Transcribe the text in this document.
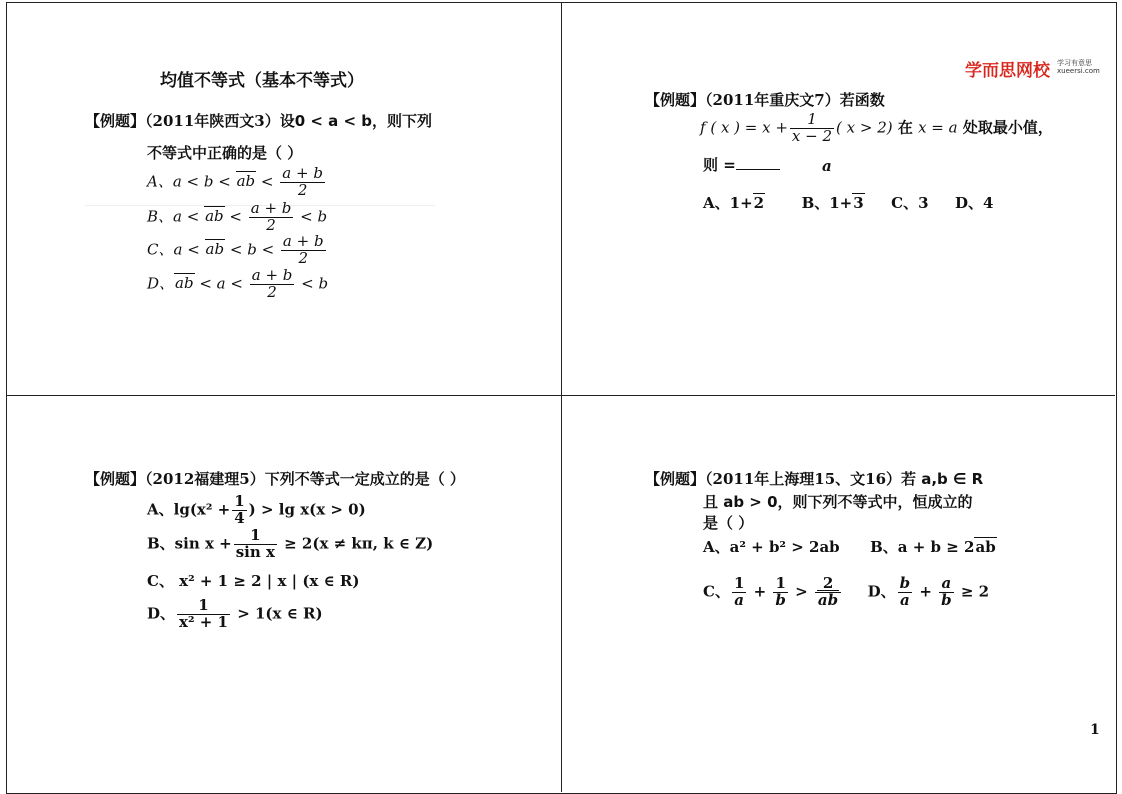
均值不等式（基本不等式）
【例题】（2011年陕西文3）设0 < a < b，则下列
不等式中正确的是（ ）
A、a < b < ab < $\frac{a + b}{2}$
B、a < ab < $\frac{a + b}{2} < b$
C、a < ab < $b < \frac{a + b}{2}$
D、ab < $a < \frac{a + b}{2} < b$
学而思网校 学习有意思
xueersi.com
【例题】（2011年重庆文7）若函数
f ( x ) = $x + \frac{1}{x - 2}$ ( x > 2) 在 x = a 处取最小值，
则 =	a
A、1+2 B、1+3 C、3 D、4
【例题】（2012福建理5）下列不等式一定成立的是（ ）
A、$\lg(x^2 + \frac{1}{4}$ ) > lg x(x > 0)
B、$\sin x + \frac{1}{\text{sin x}} \ge 2(x \ne k\pi$, k ∈ Z)
C、 x² + 1 ≥ 2 | x | (x ∈ R)
D、 $\frac{1}{\text{x² + 1}} > 1(x$ ∈ R)
【例题】（2011年上海理15、文16）若 a,b ∈ R
且 ab > 0，则下列不等式中，恒成立的
是（ ）
A、a² + b² > 2ab B、a + b ≥ 2ab
C、 $\frac{1}{a} + \frac{1}{b} > \frac{2}{ab}$ D、 $\frac{b}{a} + \frac{a}{b} \ge 2$
1
